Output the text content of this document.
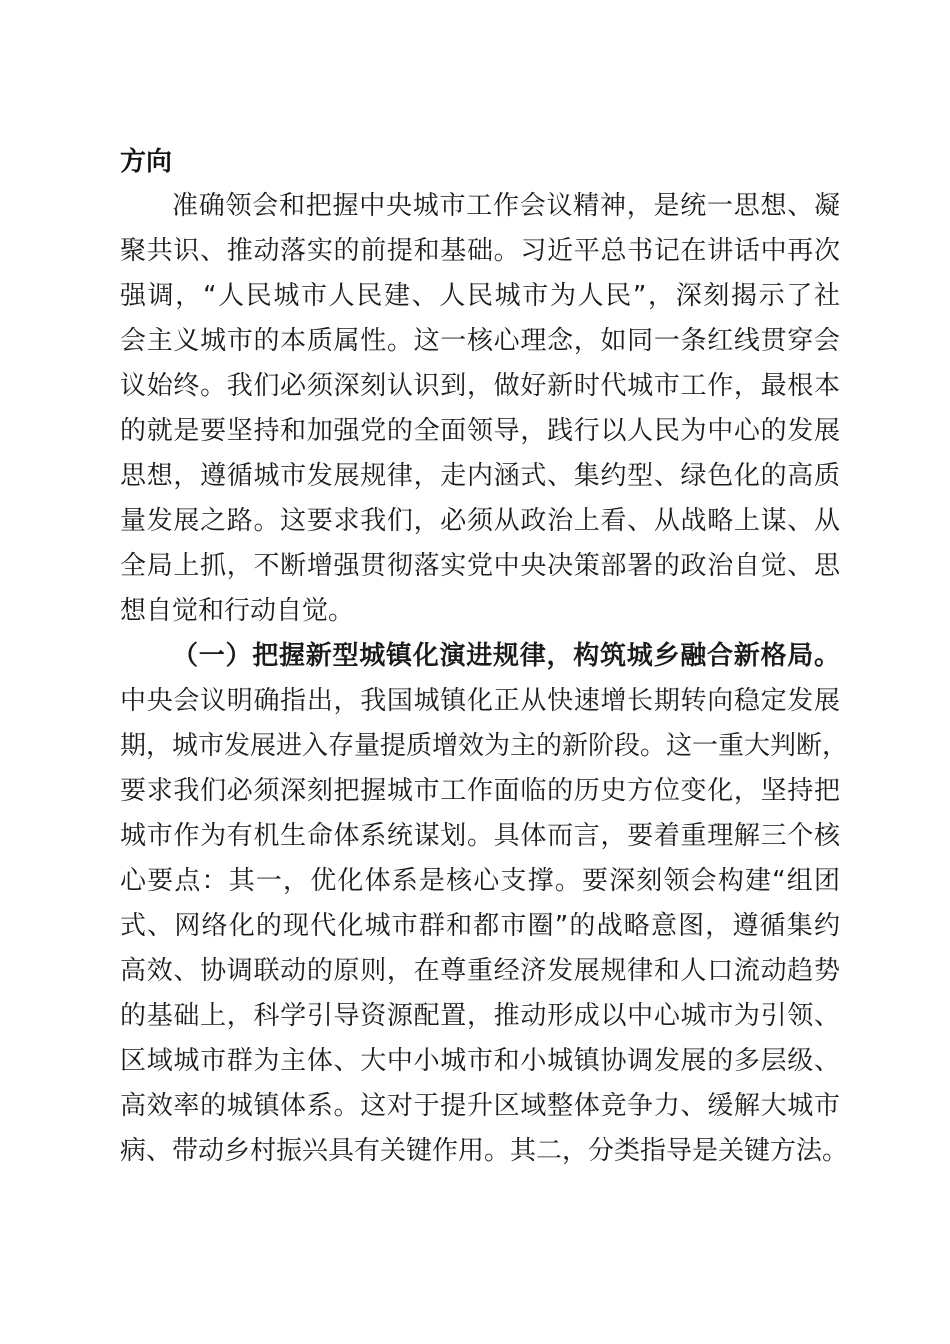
方向
准确领会和把握中央城市工作会议精神，是统一思想、凝
聚共识、推动落实的前提和基础。习近平总书记在讲话中再次
强调，“人民城市人民建、人民城市为人民”，深刻揭示了社
会主义城市的本质属性。这一核心理念，如同一条红线贯穿会
议始终。我们必须深刻认识到，做好新时代城市工作，最根本
的就是要坚持和加强党的全面领导，践行以人民为中心的发展
思想，遵循城市发展规律，走内涵式、集约型、绿色化的高质
量发展之路。这要求我们，必须从政治上看、从战略上谋、从
全局上抓，不断增强贯彻落实党中央决策部署的政治自觉、思
想自觉和行动自觉。
（一）把握新型城镇化演进规律，构筑城乡融合新格局。
中央会议明确指出，我国城镇化正从快速增长期转向稳定发展
期，城市发展进入存量提质增效为主的新阶段。这一重大判断，
要求我们必须深刻把握城市工作面临的历史方位变化，坚持把
城市作为有机生命体系统谋划。具体而言，要着重理解三个核
心要点：其一，优化体系是核心支撑。要深刻领会构建“组团
式、网络化的现代化城市群和都市圈”的战略意图，遵循集约
高效、协调联动的原则，在尊重经济发展规律和人口流动趋势
的基础上，科学引导资源配置，推动形成以中心城市为引领、
区域城市群为主体、大中小城市和小城镇协调发展的多层级、
高效率的城镇体系。这对于提升区域整体竞争力、缓解大城市
病、带动乡村振兴具有关键作用。其二，分类指导是关键方法。
